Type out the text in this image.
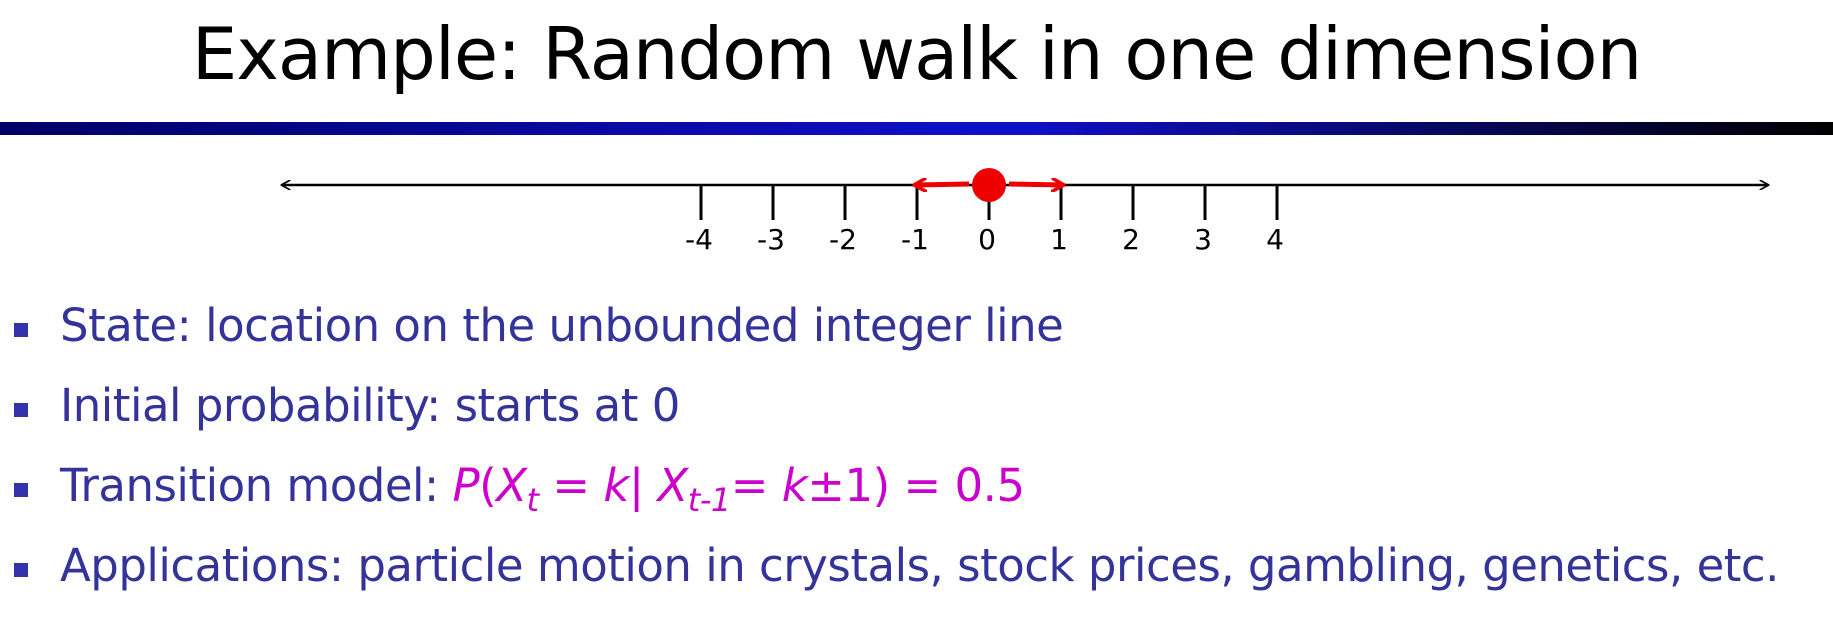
Example: Random walk in one dimension
-4 -3 -2 -1 0 1 2 3 4
State: location on the unbounded integer line
Initial probability: starts at 0
Transition model: $P(X_t = k|$ $X_{t-1}= k\pm 1) = 0.5$
Applications: particle motion in crystals, stock prices, gambling, genetics, etc.
